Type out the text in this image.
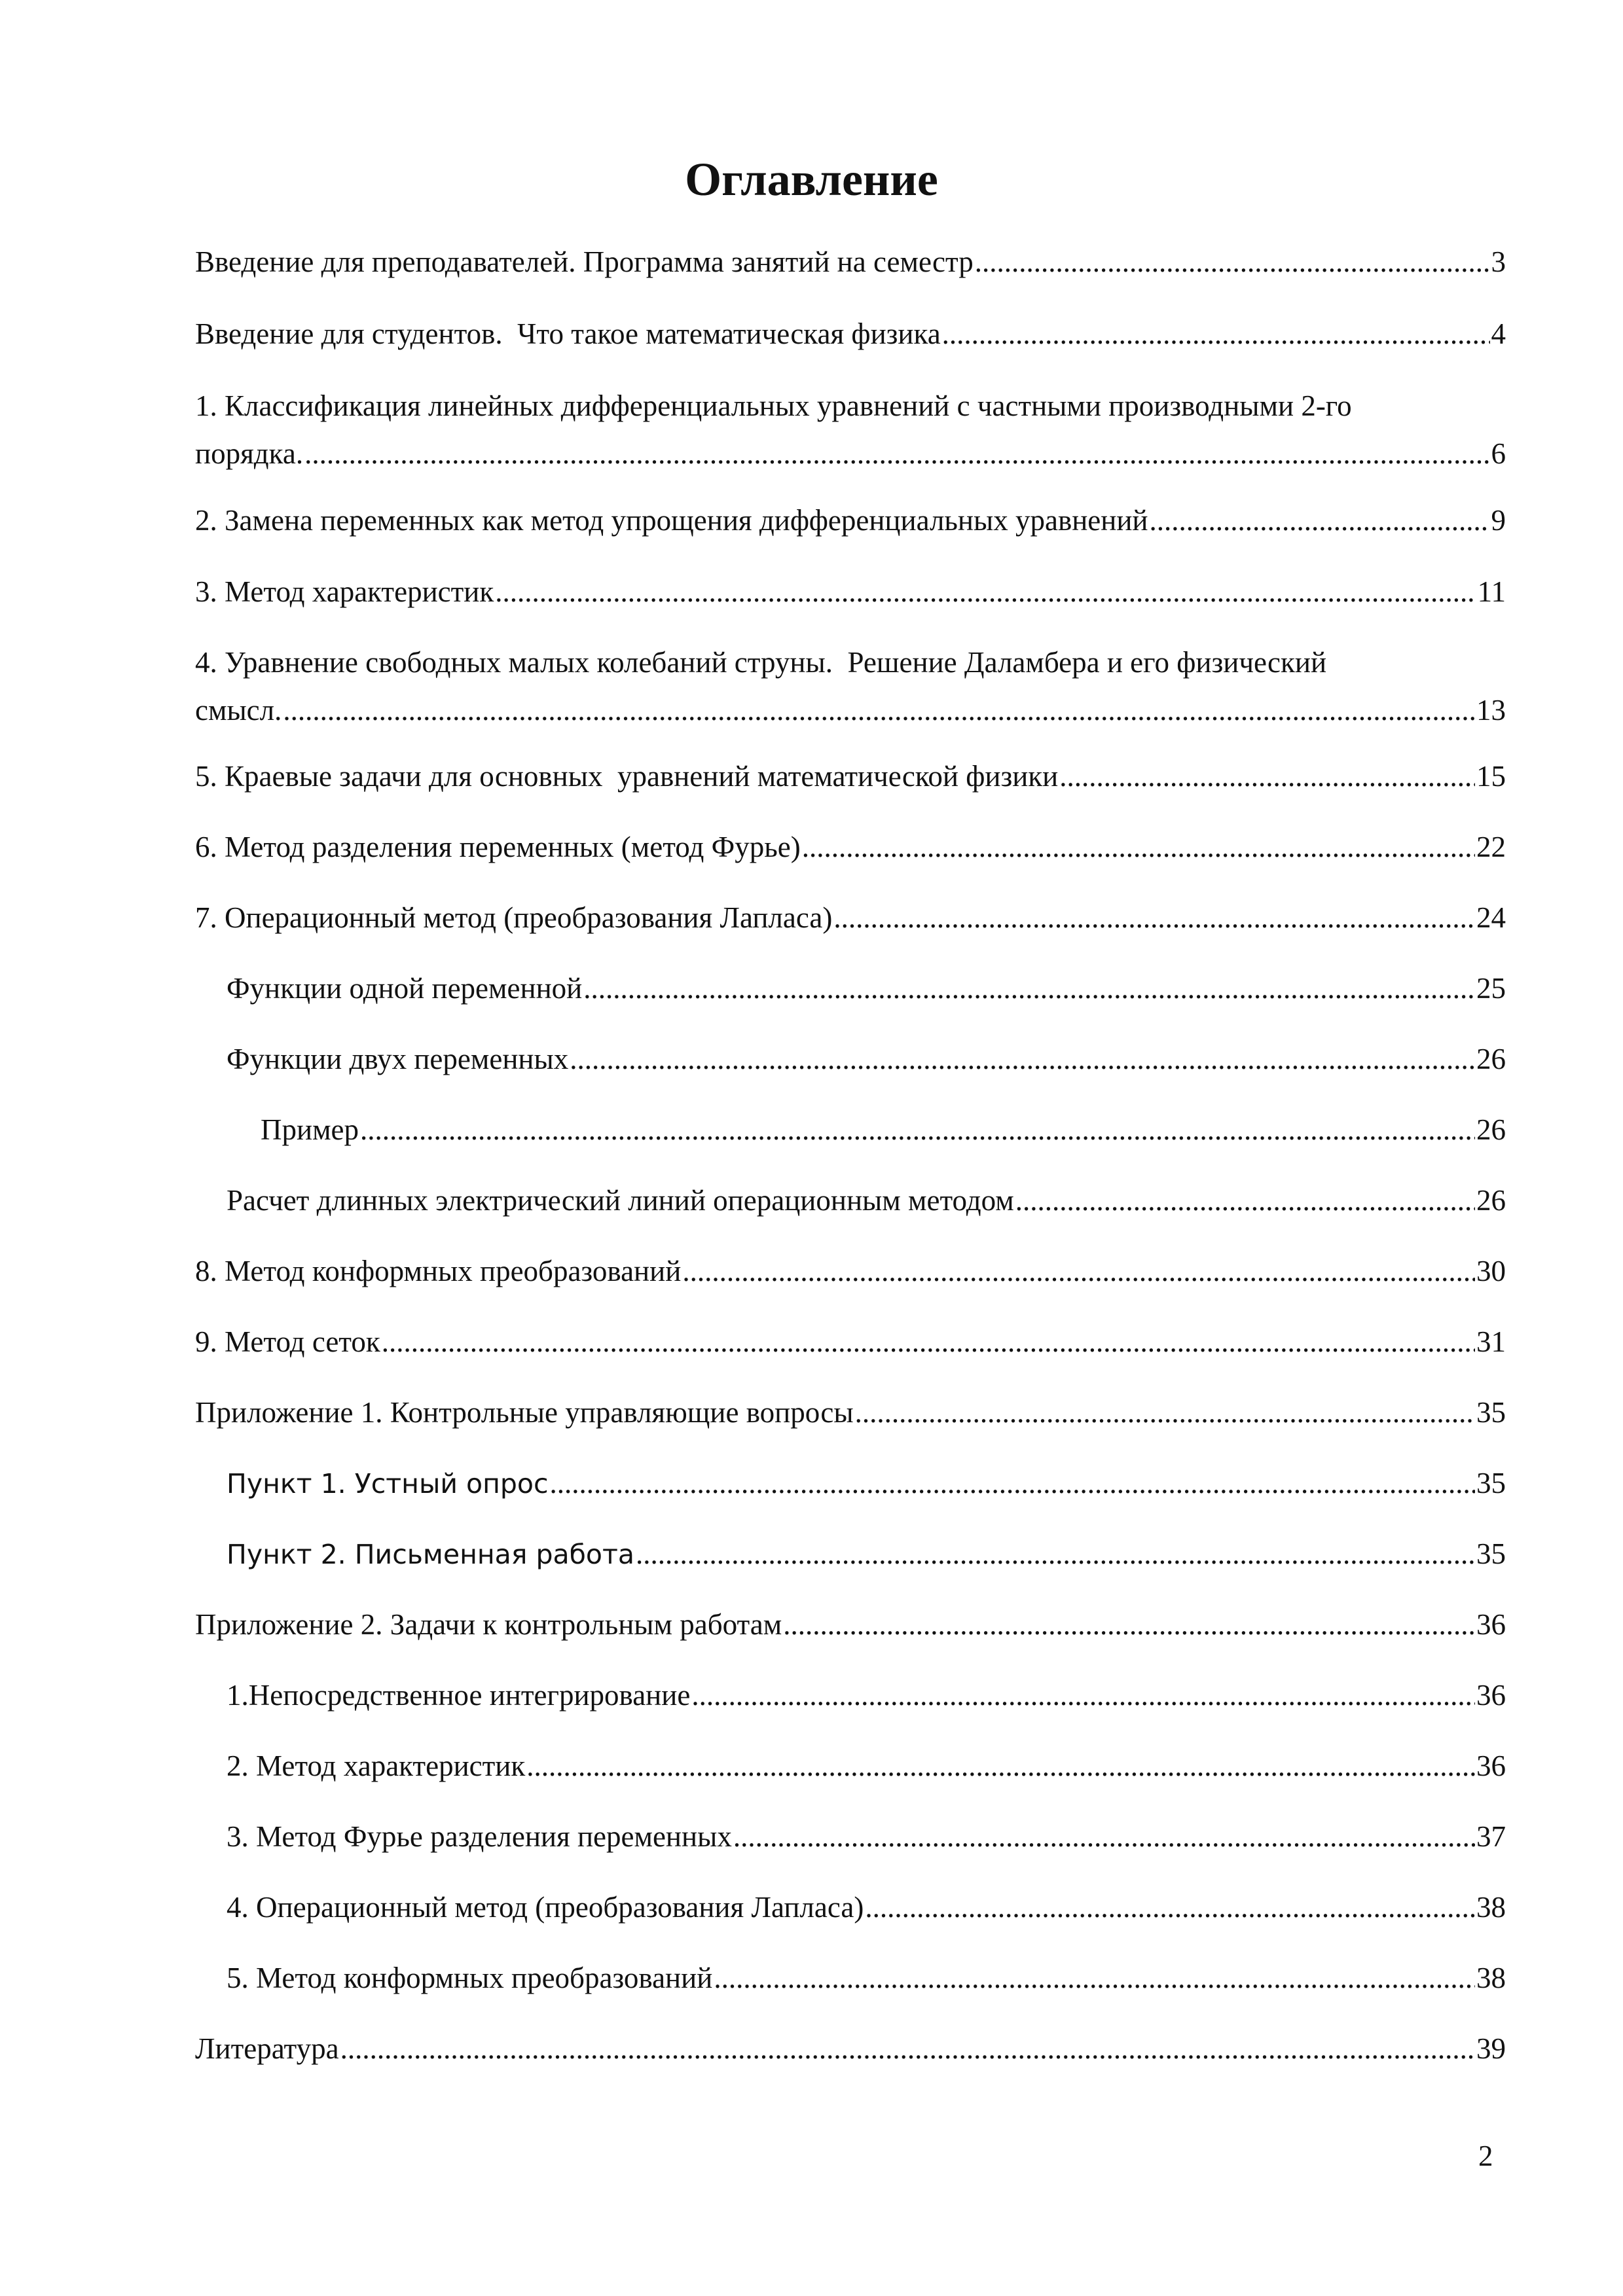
Оглавление
Введение для преподавателей. Программа занятий на семестр .....	3
Введение для студентов.  Что такое математическая физика .....	4
1. Классификация линейных дифференциальных уравнений с частными производными 2-го
порядка. .....	6
2. Замена переменных как метод упрощения дифференциальных уравнений .....	9
3. Метод характеристик .....	11
4. Уравнение свободных малых колебаний струны.  Решение Даламбера и его физический
смысл. .....	13
5. Краевые задачи для основных  уравнений математической физики .....	15
6. Метод разделения переменных (метод Фурье) .....	22
7. Операционный метод (преобразования Лапласа) .....	24
Функции одной переменной .....	25
Функции двух переменных .....	26
Пример .....	26
Расчет длинных электрический линий операционным методом .....	26
8. Метод конформных преобразований .....	30
9. Метод сеток .....	31
Приложение 1. Контрольные управляющие вопросы .....	35
Пункт 1. Устный опрос .....	35
Пункт 2. Письменная работа .....	35
Приложение 2. Задачи к контрольным работам .....	36
1.Непосредственное интегрирование .....	36
2. Метод характеристик .....	36
3. Метод Фурье разделения переменных .....	37
4. Операционный метод (преобразования Лапласа) .....	38
5. Метод конформных преобразований .....	38
Литература .....	39
2
